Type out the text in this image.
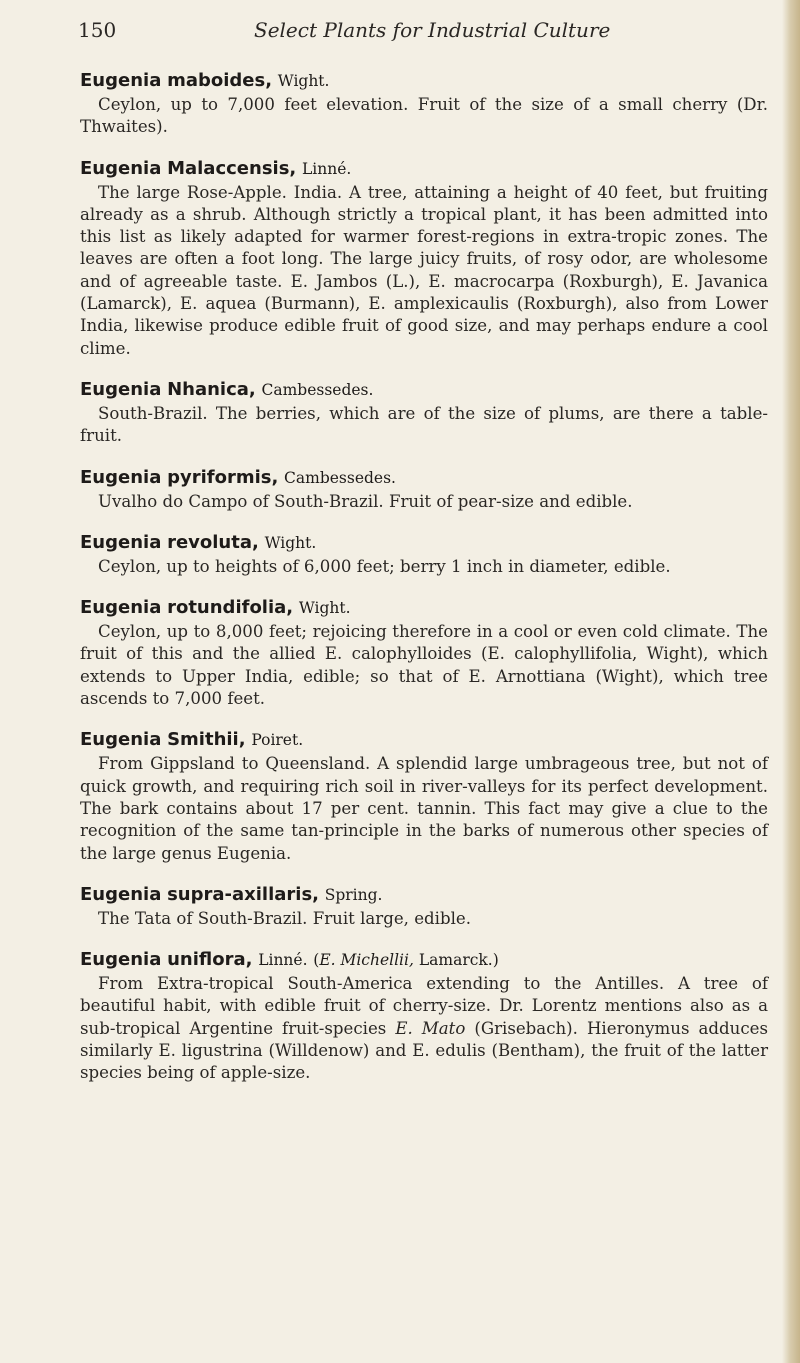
150	Select Plants for Industrial Culture
Eugenia maboides, Wight.

Ceylon, up to 7,000 feet elevation. Fruit of the size of a small cherry (Dr. Thwaites).

Eugenia Malaccensis, Linné.

The large Rose-Apple. India. A tree, attaining a height of 40 feet, but fruiting already as a shrub. Although strictly a tropical plant, it has been admitted into this list as likely adapted for warmer forest-regions in extra-tropic zones. The leaves are often a foot long. The large juicy fruits, of rosy odor, are wholesome and of agreeable taste. E. Jambos (L.), E. macrocarpa (Roxburgh), E. Javanica (Lamarck), E. aquea (Burmann), E. amplexicaulis (Roxburgh), also from Lower India, likewise produce edible fruit of good size, and may perhaps endure a cool clime.

Eugenia Nhanica, Cambessedes.

South-Brazil. The berries, which are of the size of plums, are there a table-fruit.

Eugenia pyriformis, Cambessedes.

Uvalho do Campo of South-Brazil. Fruit of pear-size and edible.

Eugenia revoluta, Wight.

Ceylon, up to heights of 6,000 feet; berry 1 inch in diameter, edible.

Eugenia rotundifolia, Wight.

Ceylon, up to 8,000 feet; rejoicing therefore in a cool or even cold climate. The fruit of this and the allied E. calophylloides (E. calophyllifolia, Wight), which extends to Upper India, edible; so that of E. Arnottiana (Wight), which tree ascends to 7,000 feet.

Eugenia Smithii, Poiret.

From Gippsland to Queensland. A splendid large umbrageous tree, but not of quick growth, and requiring rich soil in river-valleys for its perfect development. The bark contains about 17 per cent. tannin. This fact may give a clue to the recognition of the same tan-principle in the barks of numerous other species of the large genus Eugenia.

Eugenia supra-axillaris, Spring.

The Tata of South-Brazil. Fruit large, edible.

Eugenia uniflora, Linné. (E. Michellii, Lamarck.)

From Extra-tropical South-America extending to the Antilles. A tree of beautiful habit, with edible fruit of cherry-size. Dr. Lorentz mentions also as a sub-tropical Argentine fruit-species E. Mato (Grisebach). Hieronymus adduces similarly E. ligustrina (Willdenow) and E. edulis (Bentham), the fruit of the latter species being of apple-size.
